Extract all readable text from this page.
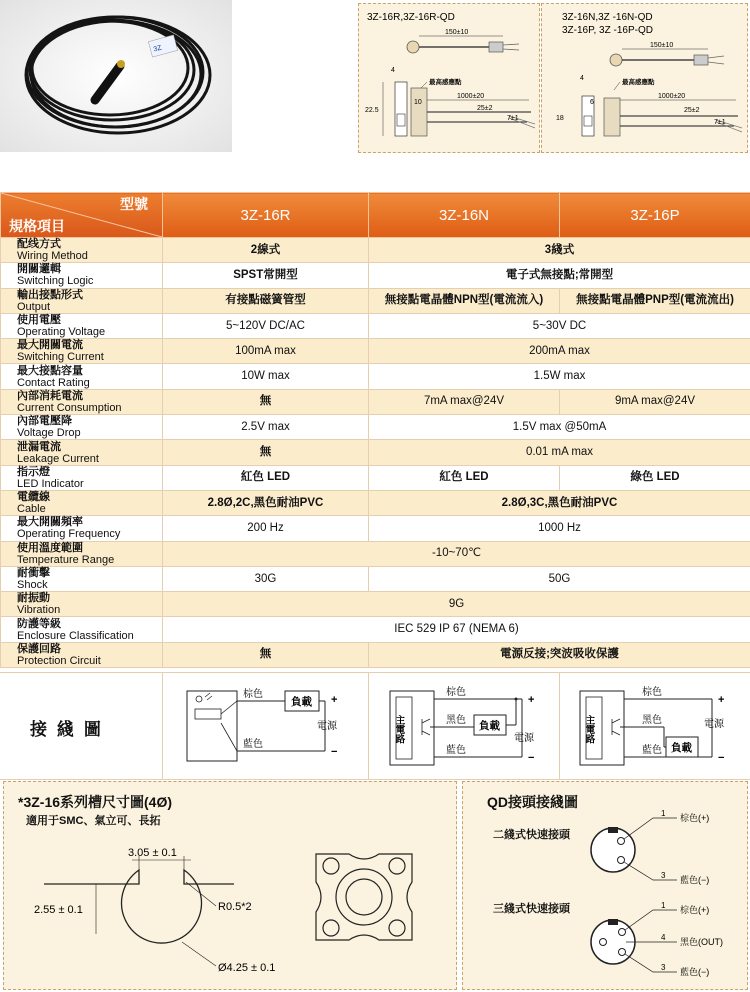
3Z
3Z-16R,3Z-16R-QD
150±10
4
22.5
10
最高感應點
1000±20
25±2
7±1
3Z-16N,3Z -16N-QD
3Z-16P, 3Z -16P-QD
150±10
4
18
6
最高感應點
1000±20
25±2
7±1
型號
規格項目	3Z-16R	3Z-16N	3Z-16P

配线方式
Wiring Method	2線式	3綫式	

開關邏輯
Switching Logic	SPST常開型	電子式無接點;常開型	

輸出接點形式
Output	有接點磁簧管型	無接點電晶體NPN型(電流流入)	無接點電晶體PNP型(電流流出)

使用電壓
Operating Voltage	5~120V DC/AC	5~30V DC	

最大開關電流
Switching Current	100mA max	200mA max	

最大接點容量
Contact Rating	10W max	1.5W max	

內部消耗電流
Current Consumption	無	7mA max@24V	9mA max@24V

內部電壓降
Voltage Drop	2.5V max	1.5V max @50mA	

泄漏電流
Leakage Current	無	0.01 mA max	

指示燈
LED Indicator	紅色 LED	紅色 LED	綠色 LED

電纜線
Cable	2.8Ø,2C,黑色耐油PVC	2.8Ø,3C,黑色耐油PVC	

最大開關頻率
Operating Frequency	200 Hz	1000 Hz	

使用溫度範圍
Temperature Range	-10~70℃		

耐衝擊
Shock	30G	50G	

耐振動
Vibration	9G		

防護等級
Enclosure Classification	IEC 529 IP 67 (NEMA 6)		

保護回路
Protection Circuit	無	電源反接;突波吸收保護	
接 綫 圖
棕色
藍色
負載 +
電源
−
主電路
棕色
黑色
藍色
負載
+
電源
−
主電路
棕色
黑色
藍色 負載
+
電源
−
*3Z-16系列槽尺寸圖(4Ø)
適用于SMC、氣立可、長拓
3.05 ± 0.1
2.55 ± 0.1	R0.5*2
Ø4.25 ± 0.1
QD接頭接綫圖
二綫式快速接頭
三綫式快速接頭
1 棕色(+)
3 藍色(−)
1 棕色(+)
4 黑色(OUT)
3 藍色(−)
